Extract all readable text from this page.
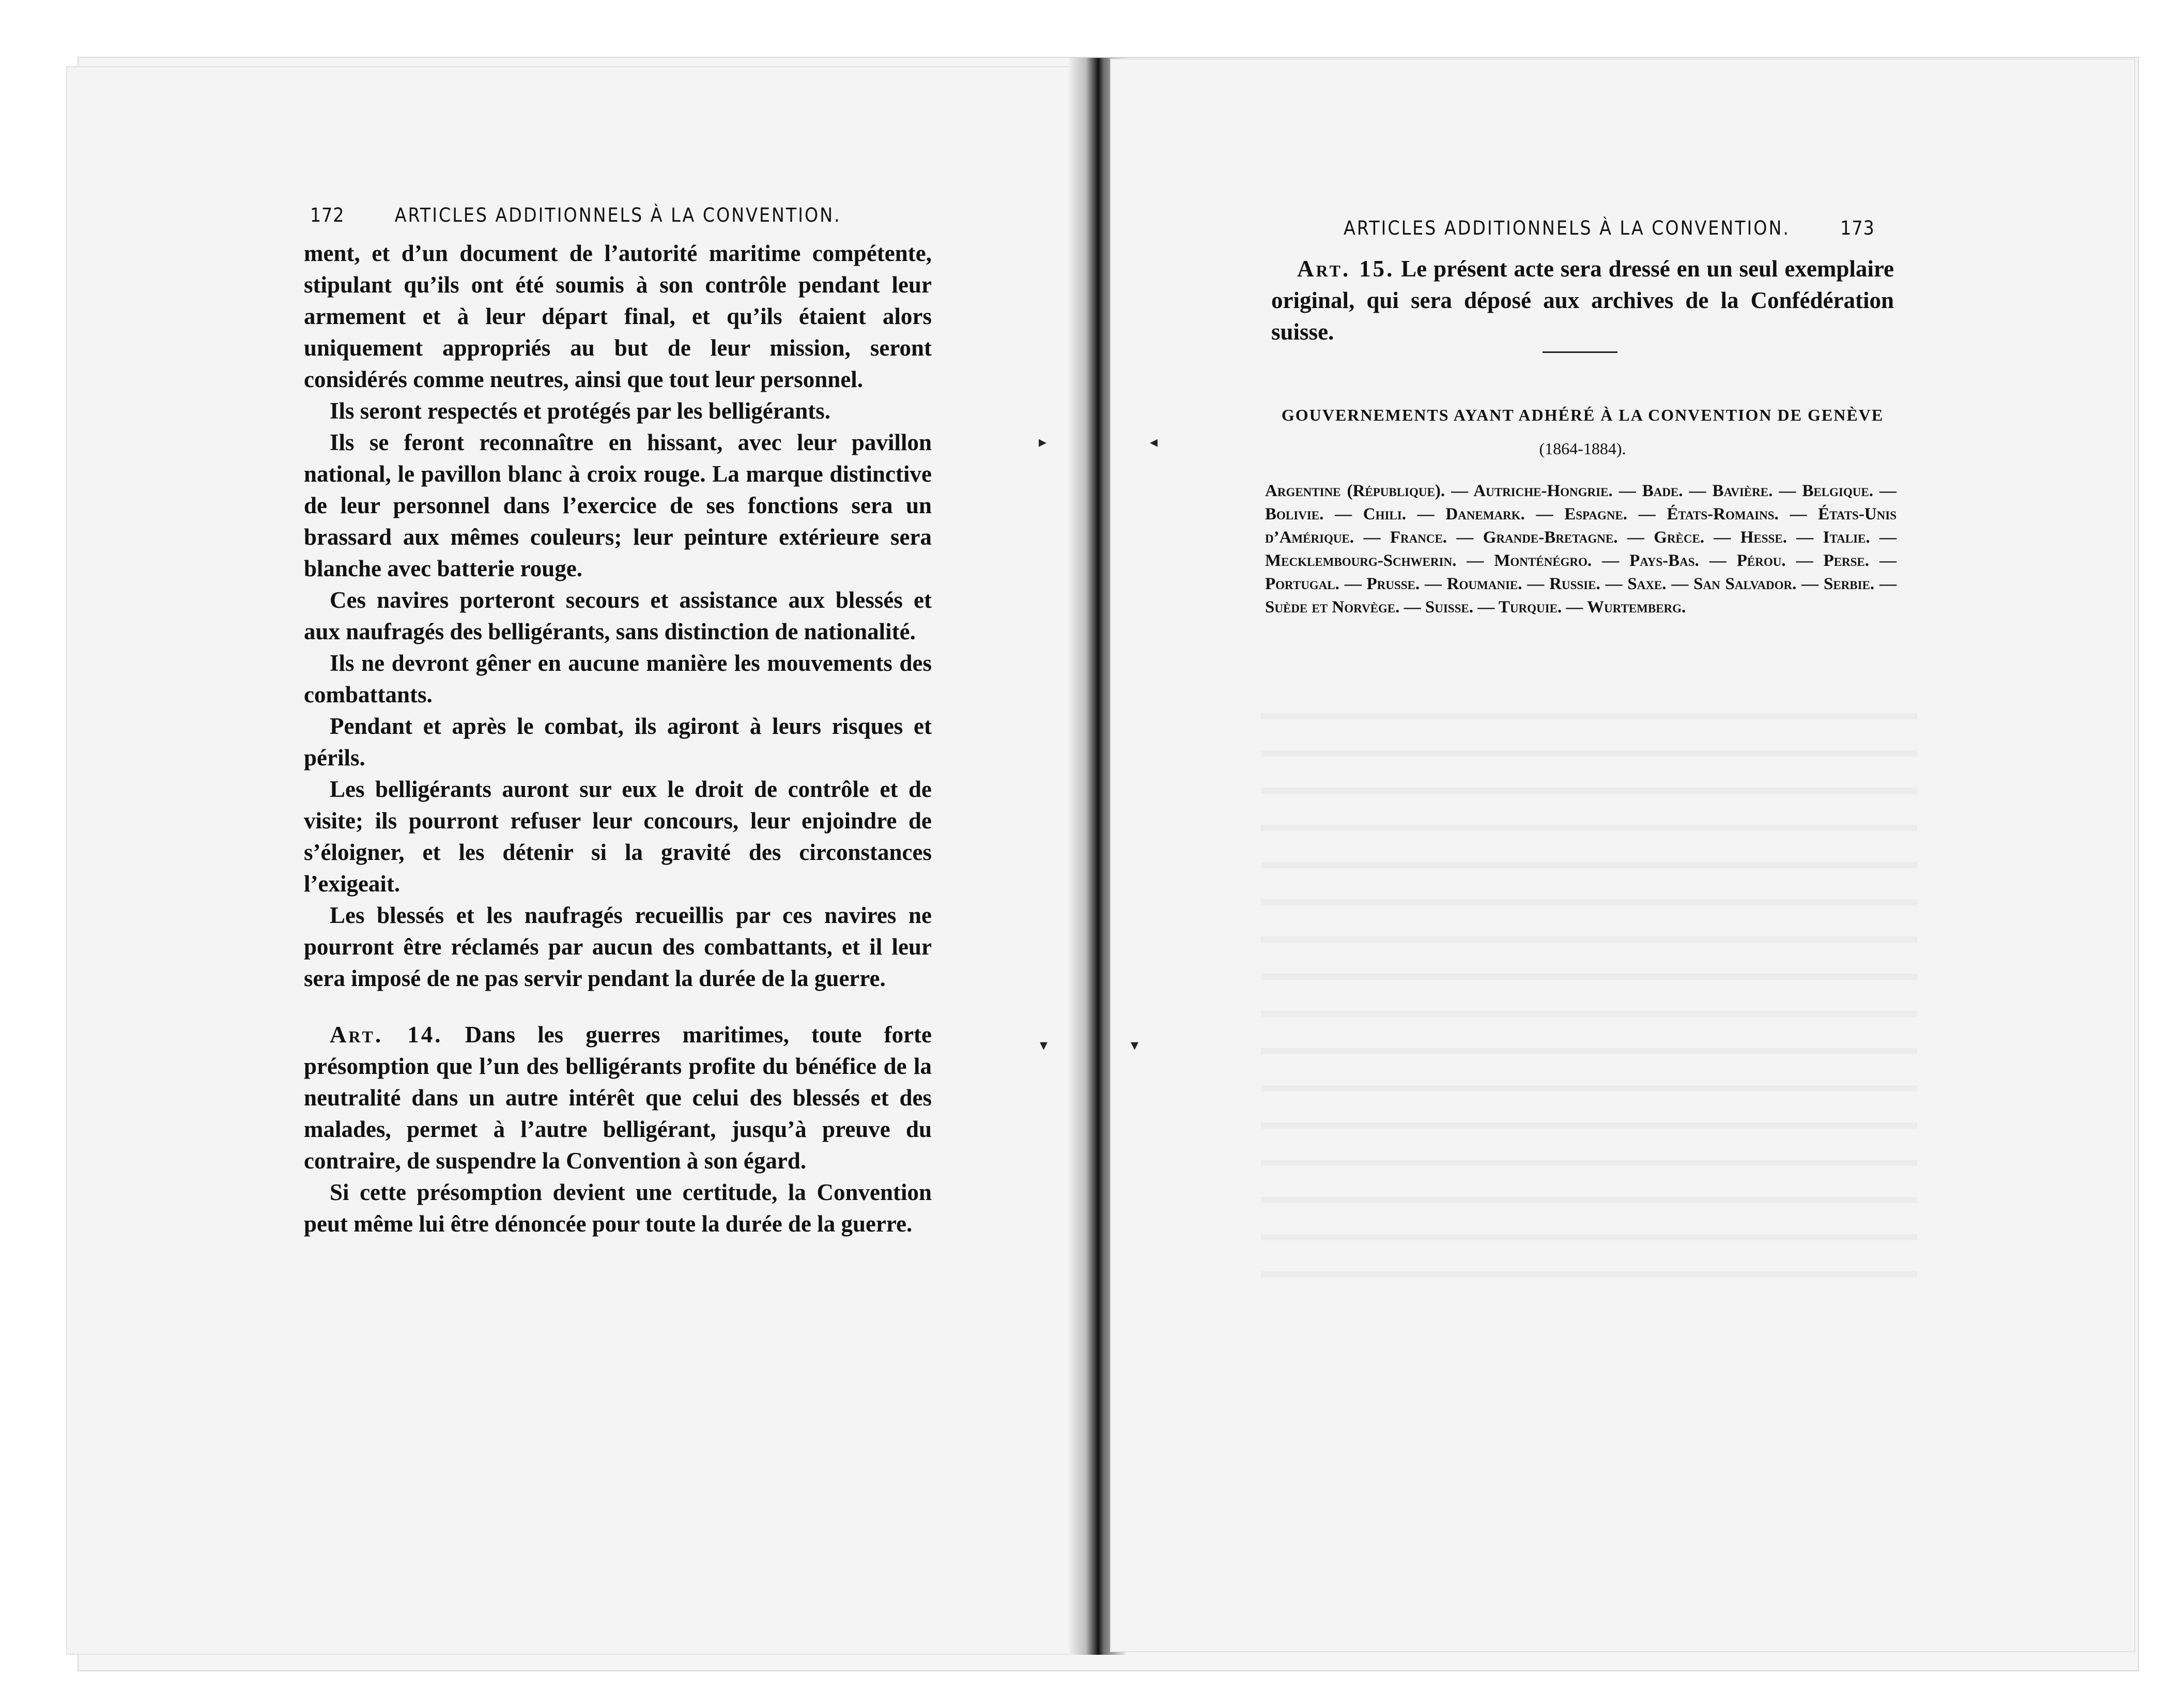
172	ARTICLES ADDITIONNELS À LA CONVENTION.

ment, et d’un document de l’autorité maritime compétente, stipulant qu’ils ont été soumis à son contrôle pendant leur armement et à leur départ final, et qu’ils étaient alors uniquement appropriés au but de leur mission, seront considérés comme neutres, ainsi que tout leur personnel.

Ils seront respectés et protégés par les belligérants.

Ils se feront reconnaître en hissant, avec leur pavillon national, le pavillon blanc à croix rouge. La marque distinctive de leur personnel dans l’exercice de ses fonctions sera un brassard aux mêmes couleurs; leur peinture extérieure sera blanche avec batterie rouge.

Ces navires porteront secours et assistance aux blessés et aux naufragés des belligérants, sans distinction de nationalité.

Ils ne devront gêner en aucune manière les mouvements des combattants.

Pendant et après le combat, ils agiront à leurs risques et périls.

Les belligérants auront sur eux le droit de contrôle et de visite; ils pourront refuser leur concours, leur enjoindre de s’éloigner, et les détenir si la gravité des circonstances l’exigeait.

Les blessés et les naufragés recueillis par ces navires ne pourront être réclamés par aucun des combattants, et il leur sera imposé de ne pas servir pendant la durée de la guerre.

Art. 14. Dans les guerres maritimes, toute forte présomption que l’un des belligérants profite du bénéfice de la neutralité dans un autre intérêt que celui des blessés et des malades, permet à l’autre belligérant, jusqu’à preuve du contraire, de suspendre la Convention à son égard.

Si cette présomption devient une certitude, la Convention peut même lui être dénoncée pour toute la durée de la guerre.

▸
▾
◂
▾
ARTICLES ADDITIONNELS À LA CONVENTION.	173

Art. 15. Le présent acte sera dressé en un seul exemplaire original, qui sera déposé aux archives de la Confédération suisse.

GOUVERNEMENTS AYANT ADHÉRÉ À LA CONVENTION DE GENÈVE
(1864-1884).
Argentine (République). — Autriche-Hongrie. — Bade. — Bavière. — Belgique. — Bolivie. — Chili. — Danemark. — Espagne. — États-Romains. — États-Unis d’Amérique. — France. — Grande-Bretagne. — Grèce. — Hesse. — Italie. — Mecklembourg-Schwerin. — Monténégro. — Pays-Bas. — Pérou. — Perse. — Portugal. — Prusse. — Roumanie. — Russie. — Saxe. — San Salvador. — Serbie. — Suède et Norvège. — Suisse. — Turquie. — Wurtemberg.
